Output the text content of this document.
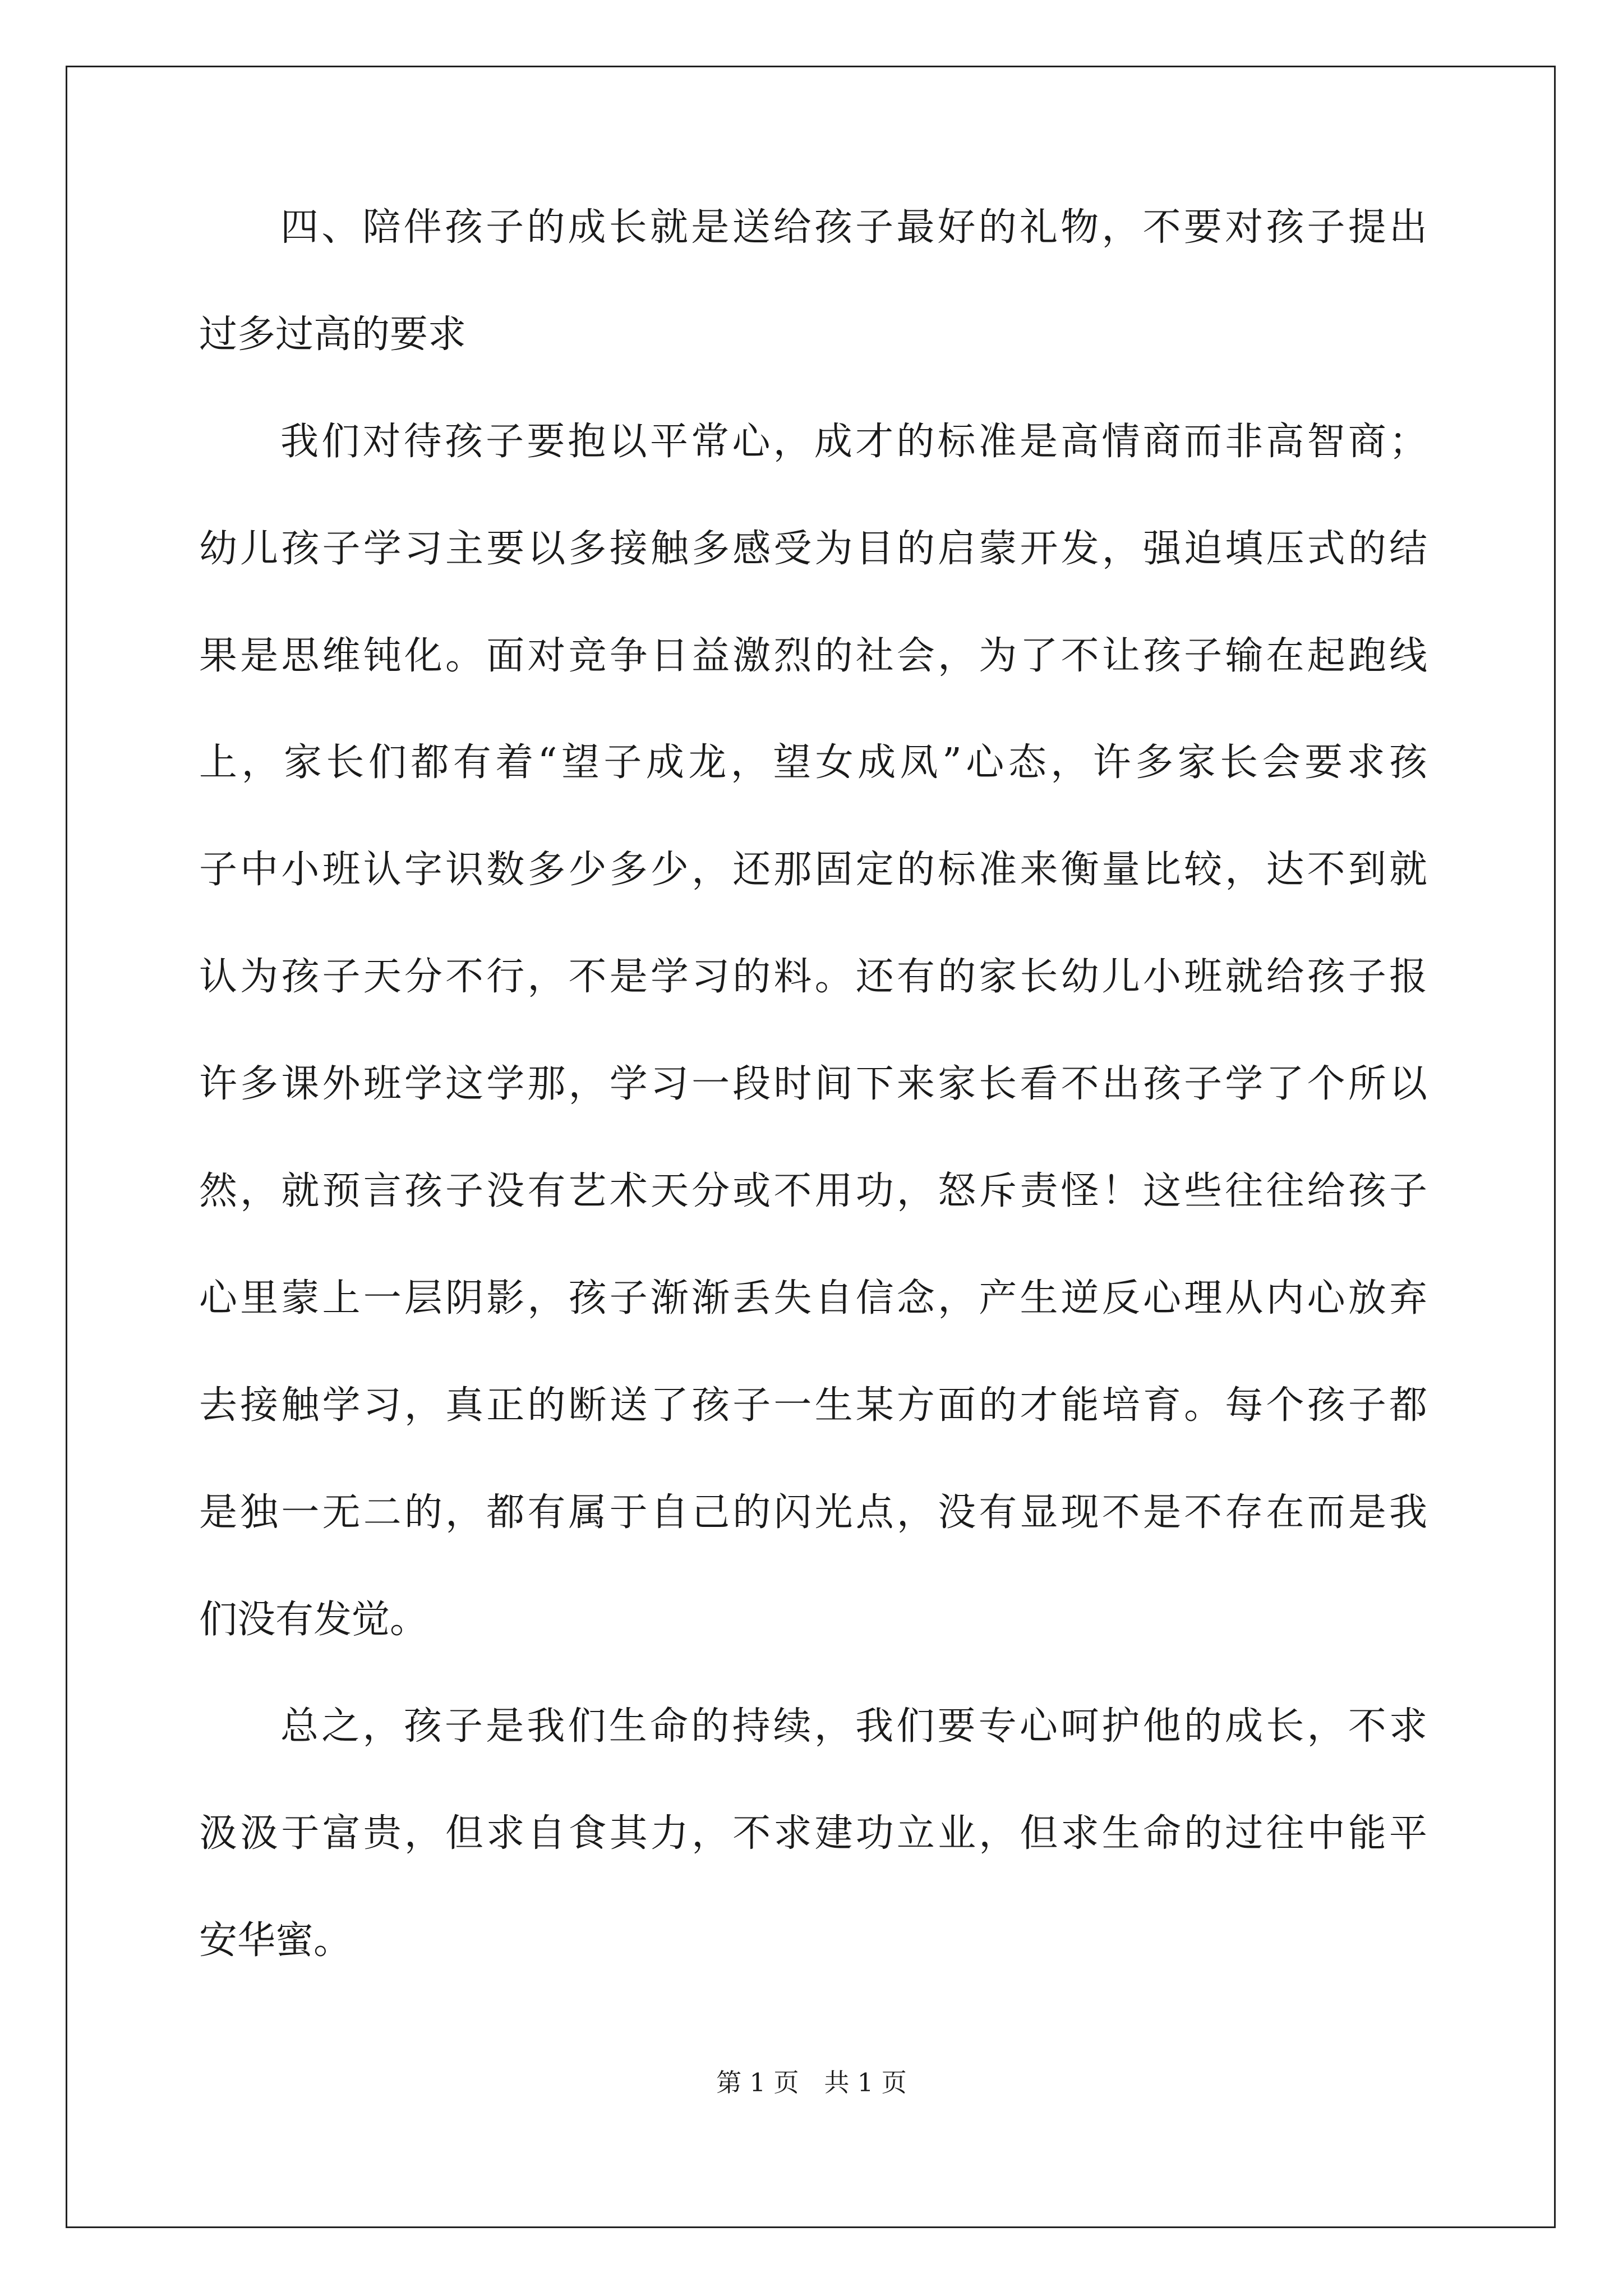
四、陪伴孩子的成长就是送给孩子最好的礼物，不要对孩子提出
过多过高的要求
我们对待孩子要抱以平常心，成才的标准是高情商而非高智商；
幼儿孩子学习主要以多接触多感受为目的启蒙开发，强迫填压式的结
果是思维钝化。面对竞争日益激烈的社会，为了不让孩子输在起跑线
上，家长们都有着“望子成龙，望女成凤”心态，许多家长会要求孩
子中小班认字识数多少多少，还那固定的标准来衡量比较，达不到就
认为孩子天分不行，不是学习的料。还有的家长幼儿小班就给孩子报
许多课外班学这学那，学习一段时间下来家长看不出孩子学了个所以
然，就预言孩子没有艺术天分或不用功，怒斥责怪！这些往往给孩子
心里蒙上一层阴影，孩子渐渐丢失自信念，产生逆反心理从内心放弃
去接触学习，真正的断送了孩子一生某方面的才能培育。每个孩子都
是独一无二的，都有属于自己的闪光点，没有显现不是不存在而是我
们没有发觉。
总之，孩子是我们生命的持续，我们要专心呵护他的成长，不求
汲汲于富贵，但求自食其力，不求建功立业，但求生命的过往中能平
安华蜜。
第 1 页　共 1 页
